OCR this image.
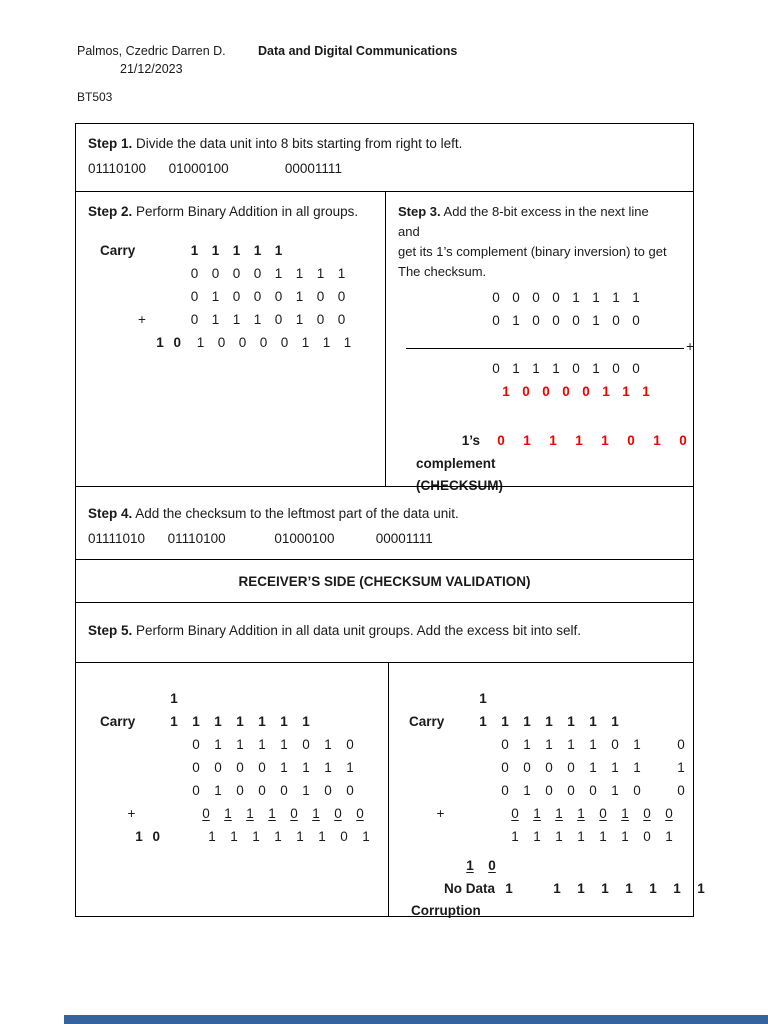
Palmos, Czedric Darren D.
21/12/2023
Data and Digital Communications
BT503
Step 1. Divide the data unit into 8 bits starting from right to left.
01110100      01000100               00001111
Step 2. Perform Binary Addition in all groups.
Carry	1 1 1 1 1
0 0 0 0 1 1 1 1
0 1 0 0 0 1 0 0
+	0 1 1 1 0 1 0 0
1 0 1 0 0 0 0 1 1 1
Step 3. Add the 8-bit excess in the next line
and
get its 1’s complement (binary inversion) to get
The checksum.
0 0 0 0 1 1 1 1
0 1 0 0 0 1 0 0
+
0 1 1 1 0 1 0 0
1 0 0 0 0 1 1 1
1’s	0	1	1	1	1	0	1	0
complement
(CHECKSUM)
Step 4. Add the checksum to the leftmost part of the data unit.
01111010      01110100             01000100           00001111
RECEIVER’S SIDE (CHECKSUM VALIDATION)
Step 5. Perform Binary Addition in all data unit groups. Add the excess bit into self.
1
Carry	1	1	1	1	1	1	1
0	1	1	1	1	0	1	0
0	0	0	0	1	1	1	1
0	1	0	0	0	1	0	0
+	0	1	1	1	0	1	0	0
1 0	1	1	1	1	1	1	0	1
1
Carry	1	1	1	1	1	1	1
0	1	1	1	1	0	1	0
0	0	0	0	1	1	1	1
0	1	0	0	0	1	0	0
+	0	1	1	1	0	1	0	0
1	1	1	1	1	1	0	1
1	0
No Data 1	1	1	1	1	1	1	1
Corruption
